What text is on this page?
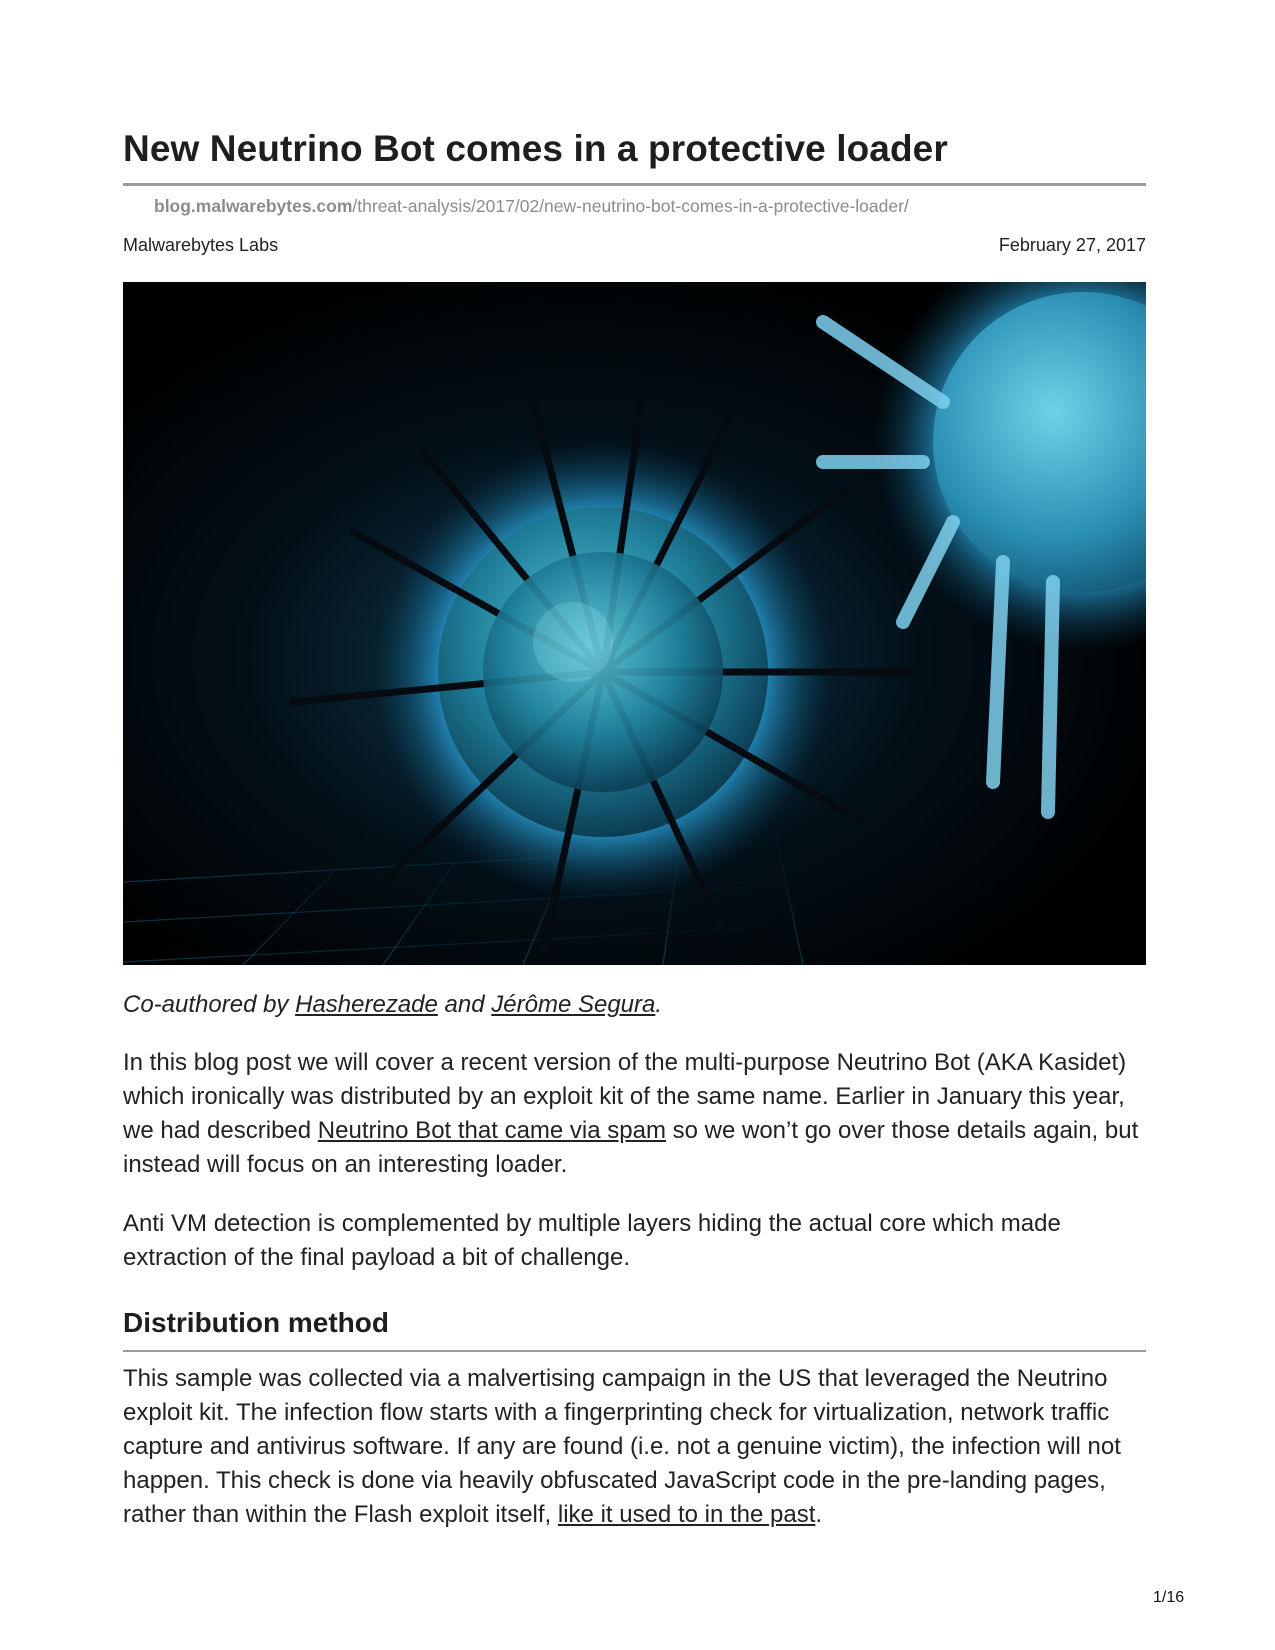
New Neutrino Bot comes in a protective loader
blog.malwarebytes.com/threat-analysis/2017/02/new-neutrino-bot-comes-in-a-protective-loader/
Malwarebytes Labs	February 27, 2017

Co-authored by Hasherezade and Jérôme Segura.

In this blog post we will cover a recent version of the multi-purpose Neutrino Bot (AKA Kasidet) which ironically was distributed by an exploit kit of the same name. Earlier in January this year, we had described Neutrino Bot that came via spam so we won’t go over those details again, but instead will focus on an interesting loader.

Anti VM detection is complemented by multiple layers hiding the actual core which made extraction of the final payload a bit of challenge.

Distribution method

This sample was collected via a malvertising campaign in the US that leveraged the Neutrino exploit kit. The infection flow starts with a fingerprinting check for virtualization, network traffic capture and antivirus software. If any are found (i.e. not a genuine victim), the infection will not happen. This check is done via heavily obfuscated JavaScript code in the pre-landing pages, rather than within the Flash exploit itself, like it used to in the past.

1/16
